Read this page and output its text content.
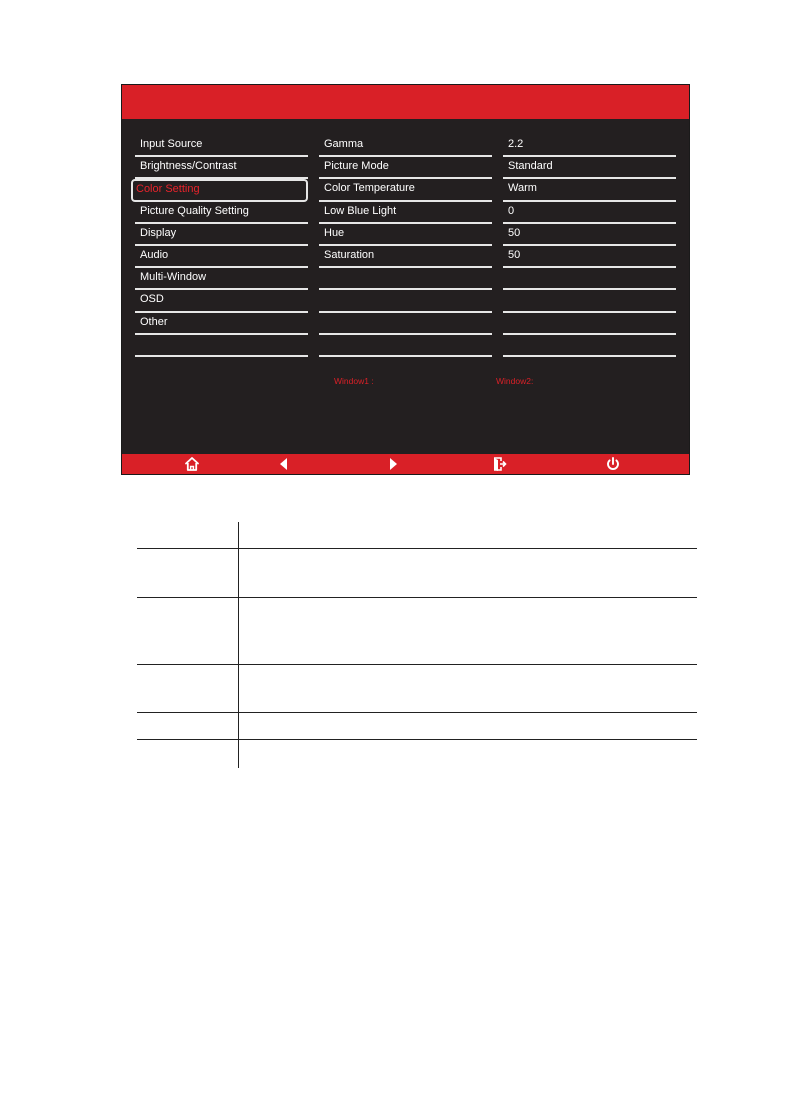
Input Source
Brightness/Contrast
Color Setting
Picture Quality Setting
Display
Audio
Multi-Window
OSD
Other
Gamma
Picture Mode
Color Temperature
Low Blue Light
Hue
Saturation
2.2
Standard
Warm
0
50
50
Window1 :	Window2:
